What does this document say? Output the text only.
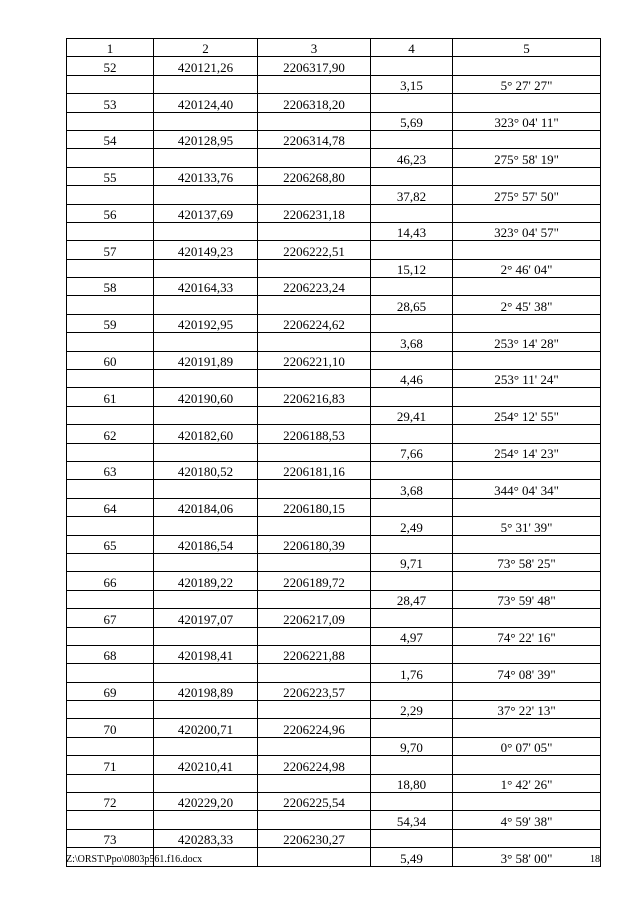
1	2	3	4	5
52	420121,26	2206317,90		
			3,15	5° 27' 27"
53	420124,40	2206318,20		
			5,69	323° 04' 11"
54	420128,95	2206314,78		
			46,23	275° 58' 19"
55	420133,76	2206268,80		
			37,82	275° 57' 50"
56	420137,69	2206231,18		
			14,43	323° 04' 57"
57	420149,23	2206222,51		
			15,12	2° 46' 04"
58	420164,33	2206223,24		
			28,65	2° 45' 38"
59	420192,95	2206224,62		
			3,68	253° 14' 28"
60	420191,89	2206221,10		
			4,46	253° 11' 24"
61	420190,60	2206216,83		
			29,41	254° 12' 55"
62	420182,60	2206188,53		
			7,66	254° 14' 23"
63	420180,52	2206181,16		
			3,68	344° 04' 34"
64	420184,06	2206180,15		
			2,49	5° 31' 39"
65	420186,54	2206180,39		
			9,71	73° 58' 25"
66	420189,22	2206189,72		
			28,47	73° 59' 48"
67	420197,07	2206217,09		
			4,97	74° 22' 16"
68	420198,41	2206221,88		
			1,76	74° 08' 39"
69	420198,89	2206223,57		
			2,29	37° 22' 13"
70	420200,71	2206224,96		
			9,70	0° 07' 05"
71	420210,41	2206224,98		
			18,80	1° 42' 26"
72	420229,20	2206225,54		
			54,34	4° 59' 38"
73	420283,33	2206230,27		
			5,49	3° 58' 00"
Z:\ORST\Ppo\0803p561.f16.docx	18
